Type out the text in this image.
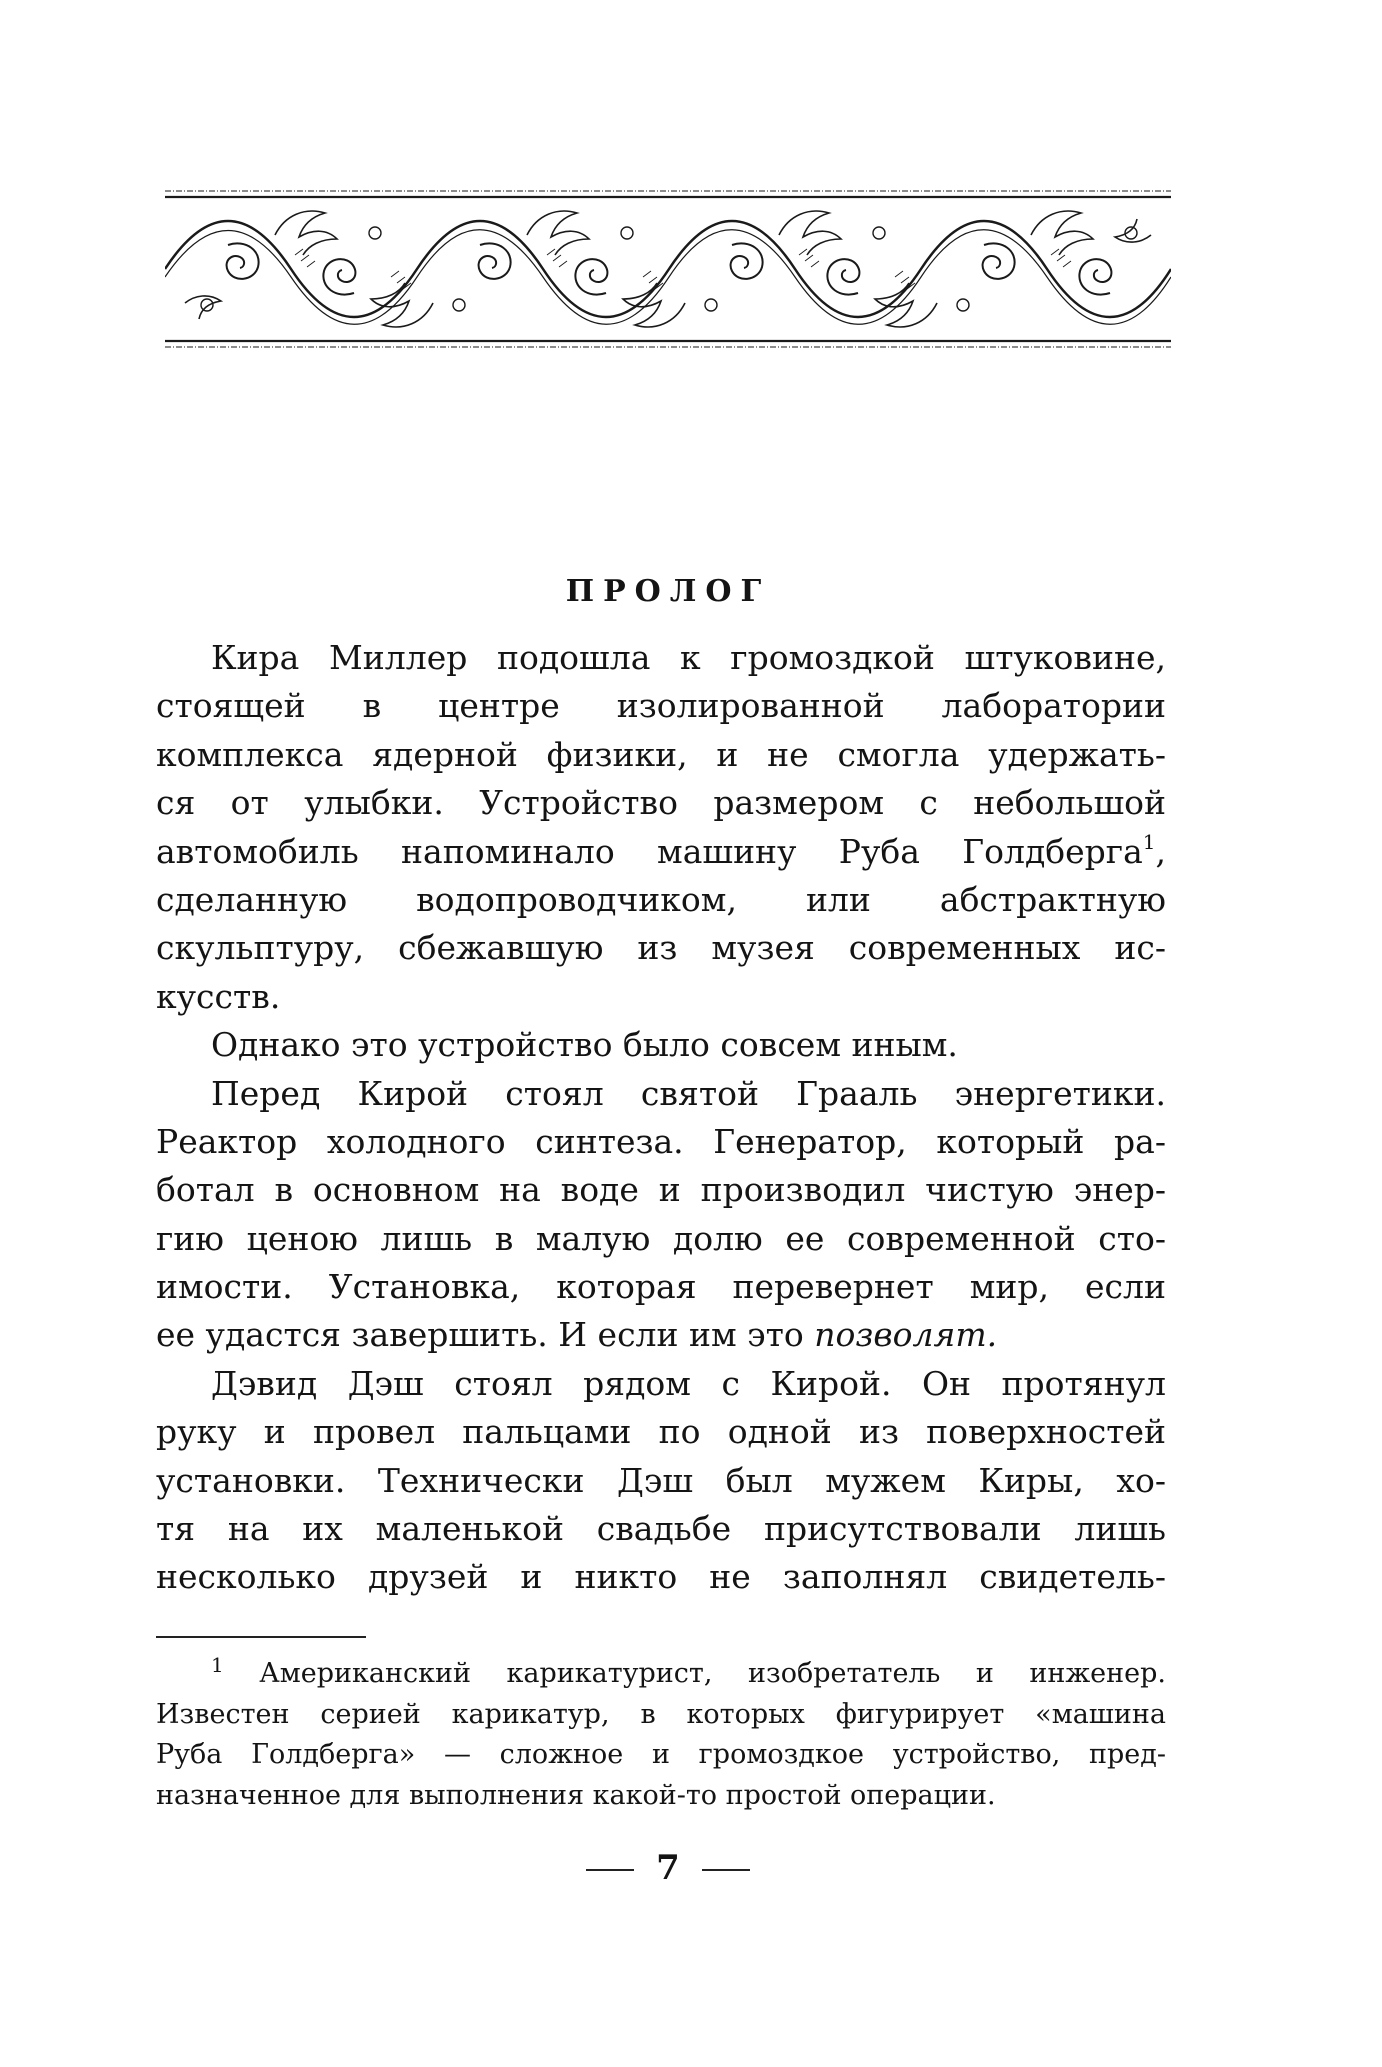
ПРОЛОГ
Кира Миллер подошла к громоздкой штуковине,
стоящей в центре изолированной лаборатории
комплекса ядерной физики, и не смогла удержать-
ся от улыбки. Устройство размером с небольшой
автомобиль напоминало машину Руба Голдберга$^1$,
сделанную водопроводчиком, или абстрактную
скульптуру, сбежавшую из музея современных ис-
кусств.
Однако это устройство было совсем иным.
Перед Кирой стоял святой Грааль энергетики.
Реактор холодного синтеза. Генератор, который ра-
ботал в основном на воде и производил чистую энер-
гию ценою лишь в малую долю ее современной сто-
имости. Установка, которая перевернет мир, если
ее удастся завершить. И если им это позволят.
Дэвид Дэш стоял рядом с Кирой. Он протянул
руку и провел пальцами по одной из поверхностей
установки. Технически Дэш был мужем Киры, хо-
тя на их маленькой свадьбе присутствовали лишь
несколько друзей и никто не заполнял свидетель-
$^1$ Американский карикатурист, изобретатель и инженер.
Известен серией карикатур, в которых фигурирует «машина
Руба Голдберга» — сложное и громоздкое устройство, пред-
назначенное для выполнения какой-то простой операции.
7
